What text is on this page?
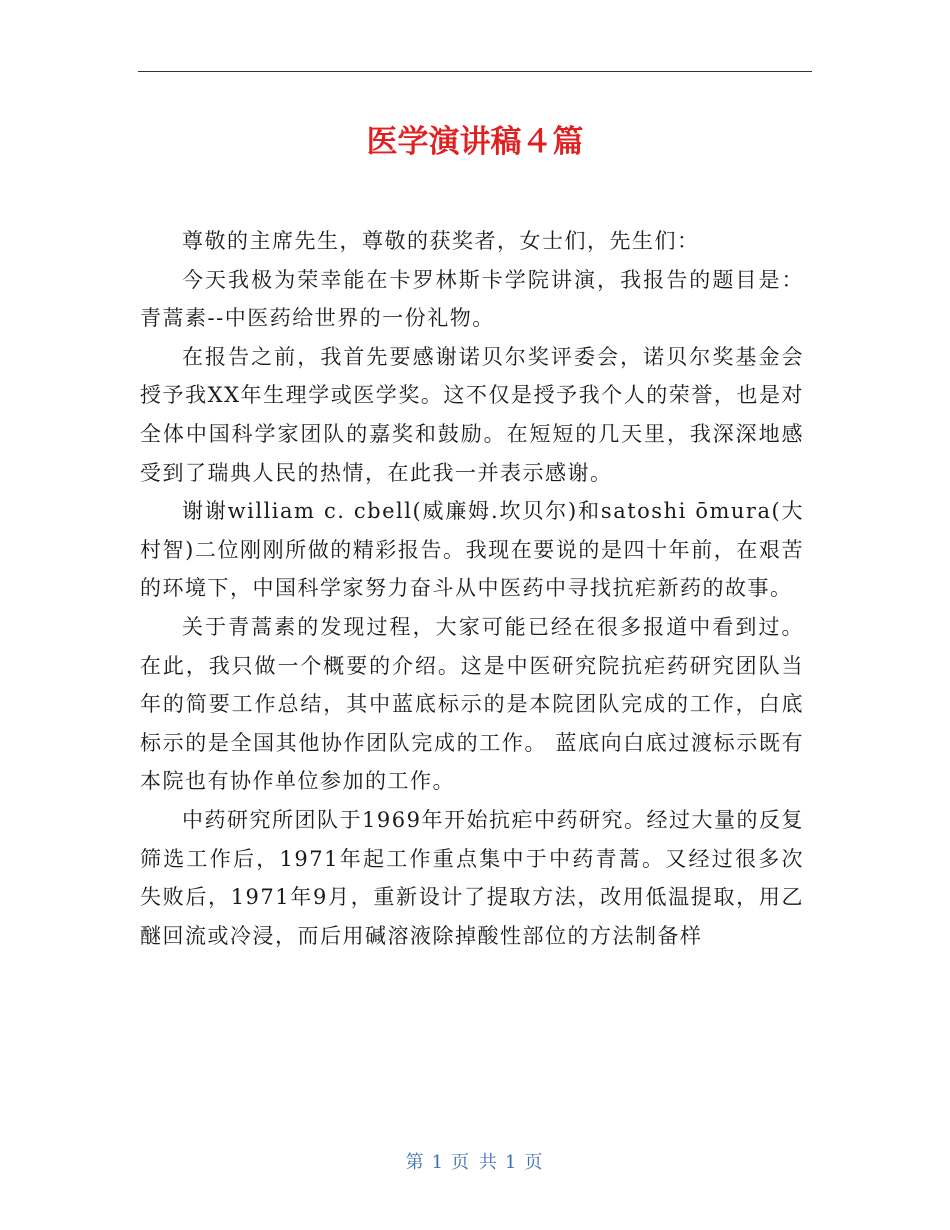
医学演讲稿４篇

尊敬的主席先生，尊敬的获奖者，女士们，先生们：

今天我极为荣幸能在卡罗林斯卡学院讲演，我报告的题目是：青蒿素--中医药给世界的一份礼物。

在报告之前，我首先要感谢诺贝尔奖评委会，诺贝尔奖基金会授予我XX年生理学或医学奖。这不仅是授予我个人的荣誉，也是对全体中国科学家团队的嘉奖和鼓励。在短短的几天里，我深深地感受到了瑞典人民的热情，在此我一并表示感谢。

谢谢william c. cbell(威廉姆.坎贝尔)和satoshi ōmura(大村智)二位刚刚所做的精彩报告。我现在要说的是四十年前，在艰苦的环境下，中国科学家努力奋斗从中医药中寻找抗疟新药的故事。

关于青蒿素的发现过程，大家可能已经在很多报道中看到过。在此，我只做一个概要的介绍。这是中医研究院抗疟药研究团队当年的简要工作总结，其中蓝底标示的是本院团队完成的工作，白底标示的是全国其他协作团队完成的工作。 蓝底向白底过渡标示既有本院也有协作单位参加的工作。

中药研究所团队于1969年开始抗疟中药研究。经过大量的反复筛选工作后，1971年起工作重点集中于中药青蒿。又经过很多次失败后，1971年9月，重新设计了提取方法，改用低温提取，用乙醚回流或冷浸，而后用碱溶液除掉酸性部位的方法制备样

第 1 页 共 1 页
